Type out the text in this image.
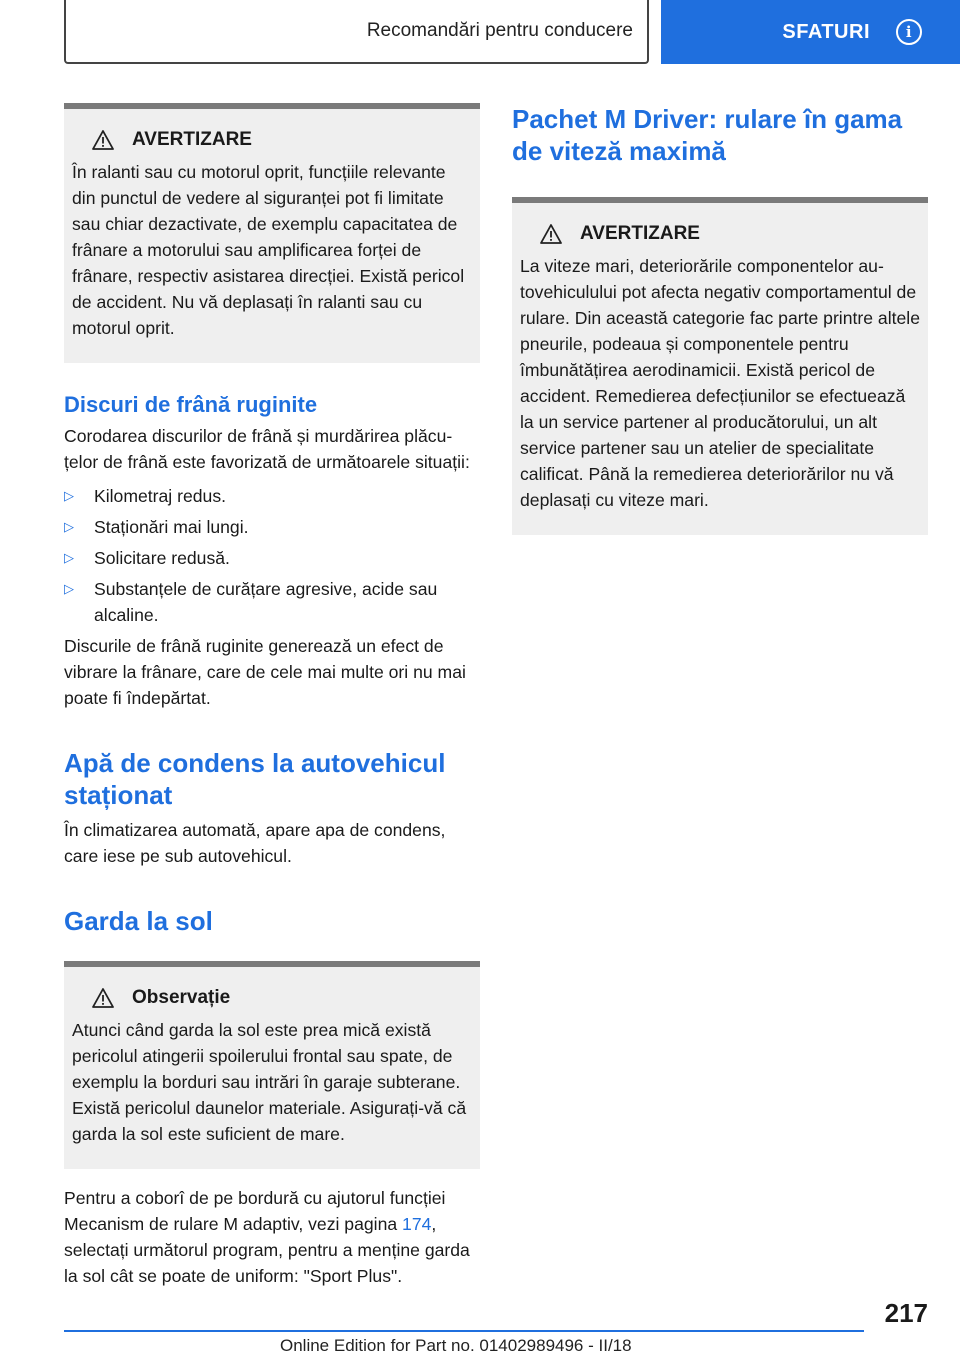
Recomandări pentru conducere	SFATURI	i
AVERTIZARE

În ralanti sau cu motorul oprit, funcțiile relevante din punctul de vedere al siguranței pot fi limitate sau chiar dezactivate, de exemplu capacitatea de frânare a motorului sau amplificarea forței de frânare, respectiv asistarea direcției. Există pericol de accident. Nu vă deplasați în ralanti sau cu motorul oprit.

Discuri de frână ruginite

Corodarea discurilor de frână și murdărirea plăcuțelor de frână este favorizată de următoarele situații:

▷ Kilometraj redus.
▷ Staționări mai lungi.
▷ Solicitare redusă.
▷ Substanțele de curățare agresive, acide sau alcaline.

Discurile de frână ruginite generează un efect de vibrare la frânare, care de cele mai multe ori nu mai poate fi îndepărtat.

Apă de condens la autovehicul staționat

În climatizarea automată, apare apa de condens, care iese pe sub autovehicul.

Garda la sol
Observație

Atunci când garda la sol este prea mică există pericolul atingerii spoilerului frontal sau spate, de exemplu la borduri sau intrări în garaje subterane. Există pericolul daunelor materiale. Asigurați-vă că garda la sol este suficient de mare.

Pentru a coborî de pe bordură cu ajutorul funcției Mecanism de rulare M adaptiv, vezi pagina 174, selectați următorul program, pentru a menține garda la sol cât se poate de uniform: "Sport Plus".

Pachet M Driver: rulare în gama de viteză maximă
AVERTIZARE

La viteze mari, deteriorările componentelor autovehiculului pot afecta negativ comportamentul de rulare. Din această categorie fac parte printre altele pneurile, podeaua și componentele pentru îmbunătățirea aerodinamicii. Există pericol de accident. Remedierea defecțiunilor se efectuează la un service partener al producătorului, un alt service partener sau un atelier de specialitate calificat. Până la remedierea deteriorărilor nu vă deplasați cu viteze mari.

217
Online Edition for Part no. 01402989496 - II/18
